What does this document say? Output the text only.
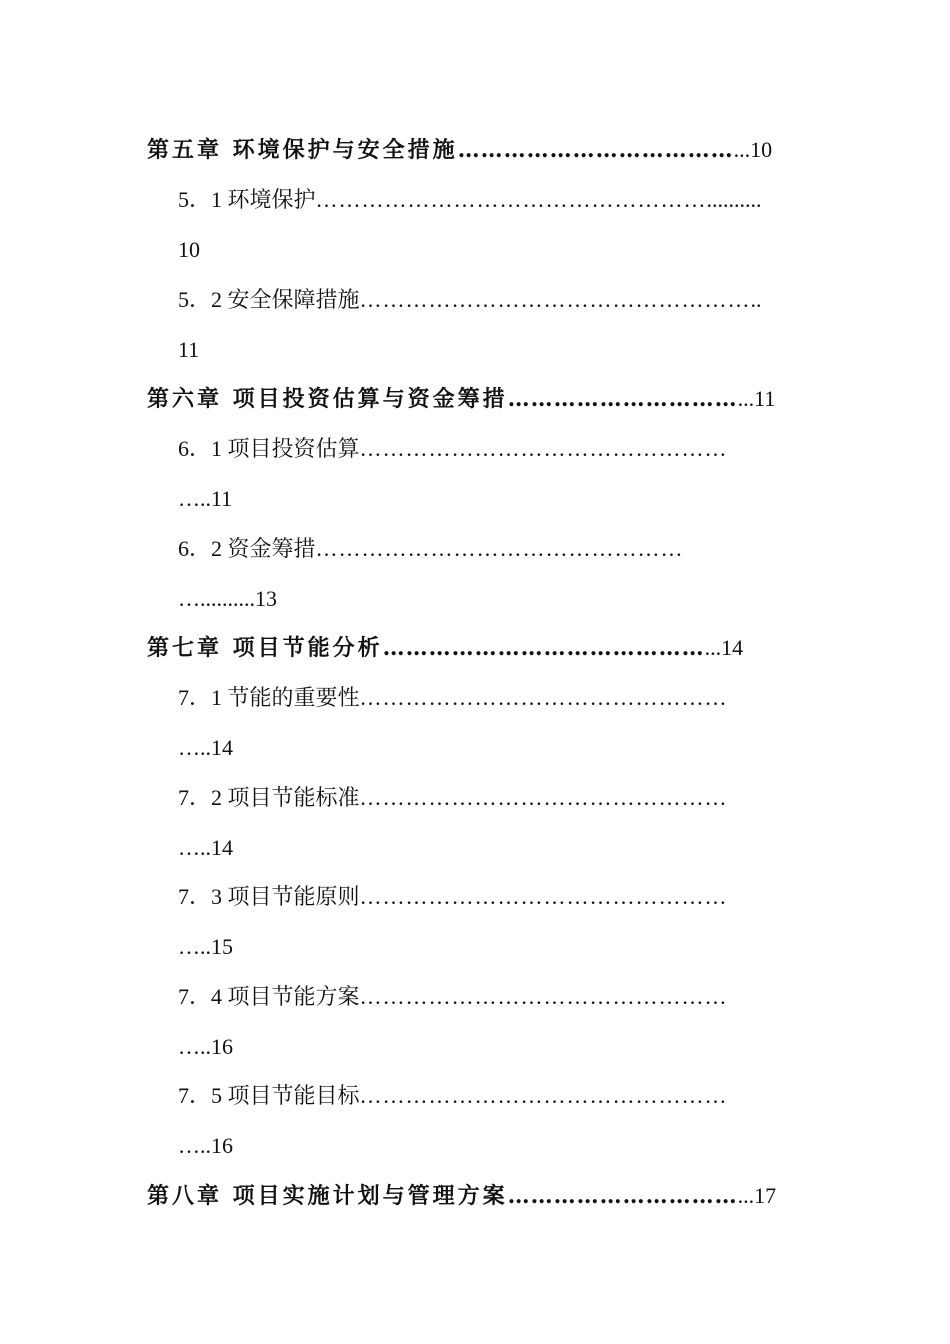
第五章 环境保护与安全措施………………………………...10
5．1 环境保护……………………………………………..........
10
5．2 安全保障措施……………………………………………..
11
第六章 项目投资估算与资金筹措…………………………...11
6．1 项目投资估算…………………………………………
…..11
6．2 资金筹措…………………………………………
…..........13
第七章 项目节能分析……………………………………...14
7．1 节能的重要性…………………………………………
…..14
7．2 项目节能标准…………………………………………
…..14
7．3 项目节能原则…………………………………………
…..15
7．4 项目节能方案…………………………………………
…..16
7．5 项目节能目标…………………………………………
…..16
第八章 项目实施计划与管理方案…………………………...17
